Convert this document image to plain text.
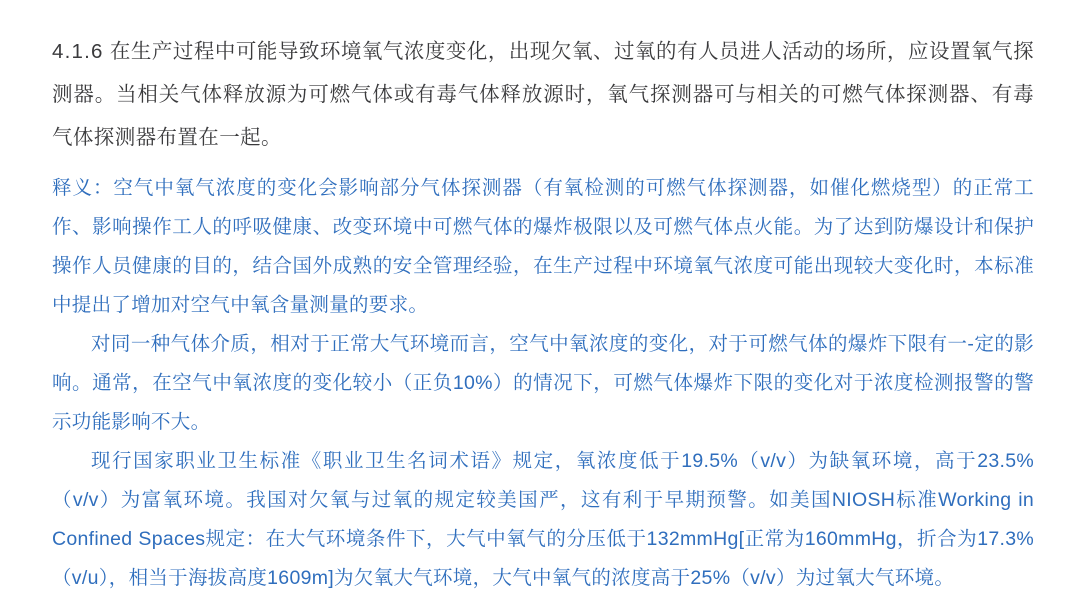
4.1.6 在生产过程中可能导致环境氧气浓度变化，出现欠氧、过氧的有人员进人活动的场所，应设置氧气探测器。当相关气体释放源为可燃气体或有毒气体释放源时，氧气探测器可与相关的可燃气体探测器、有毒气体探测器布置在一起。

释义：空气中氧气浓度的变化会影响部分气体探测器（有氧检测的可燃气体探测器，如催化燃烧型）的正常工作、影响操作工人的呼吸健康、改变环境中可燃气体的爆炸极限以及可燃气体点火能。为了达到防爆设计和保护操作人员健康的目的，结合国外成熟的安全管理经验，在生产过程中环境氧气浓度可能出现较大变化时，本标准中提出了增加对空气中氧含量测量的要求。

对同一种气体介质，相对于正常大气环境而言，空气中氧浓度的变化，对于可燃气体的爆炸下限有一-定的影响。通常，在空气中氧浓度的变化较小（正负10%）的情况下，可燃气体爆炸下限的变化对于浓度检测报警的警示功能影响不大。

现行国家职业卫生标准《职业卫生名词术语》规定，氧浓度低于19.5%（v/v）为缺氧环境，高于23.5%（v/v）为富氧环境。我国对欠氧与过氧的规定较美国严，这有利于早期预警。如美国NIOSH标准Working in Confined Spaces规定：在大气环境条件下，大气中氧气的分压低于132mmHg[正常为160mmHg，折合为17.3%（v/u），相当于海拔高度1609m]为欠氧大气环境，大气中氧气的浓度高于25%（v/v）为过氧大气环境。
